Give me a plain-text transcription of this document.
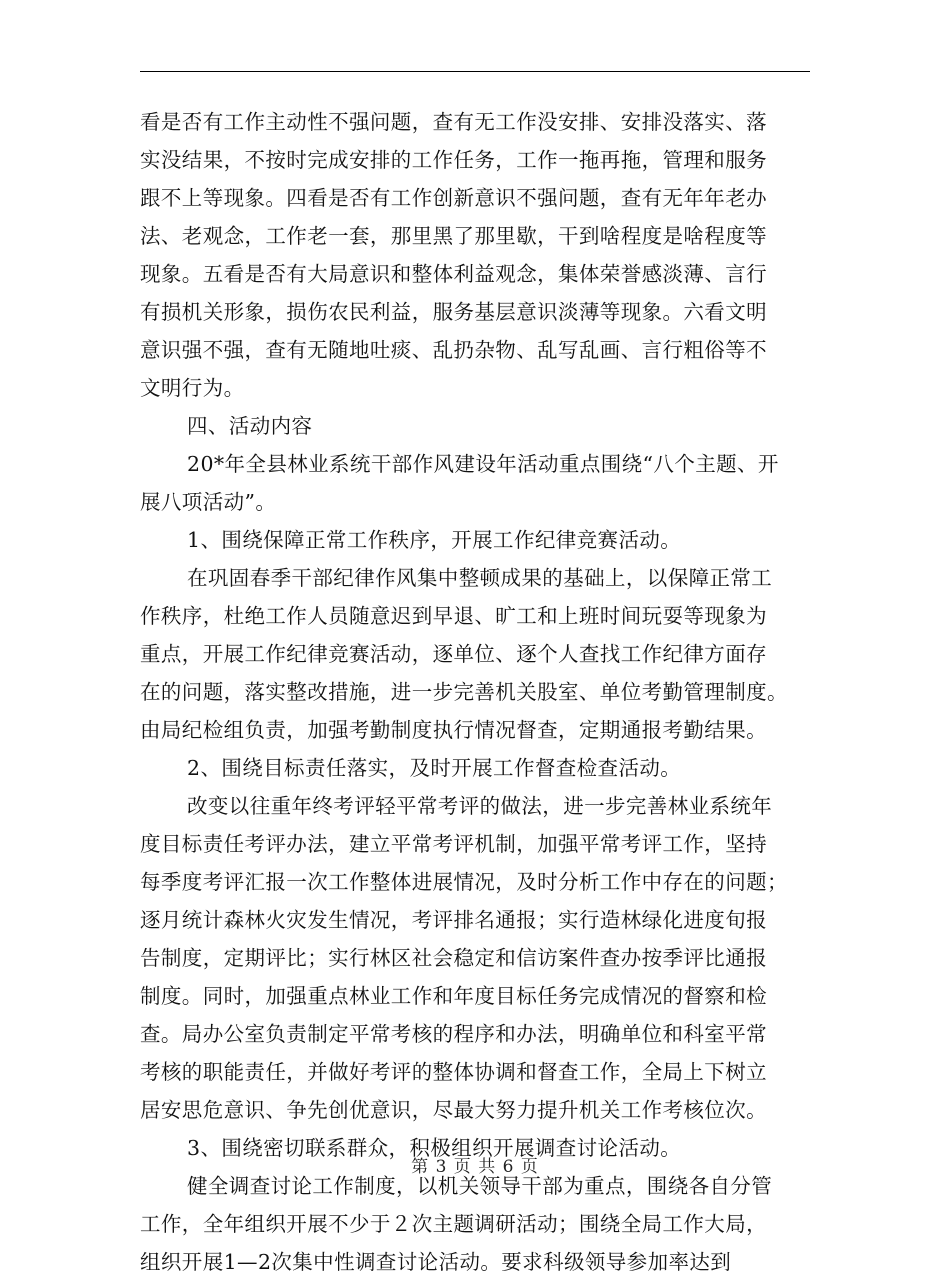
看是否有工作主动性不强问题，查有无工作没安排、安排没落实、落
实没结果，不按时完成安排的工作任务，工作一拖再拖，管理和服务
跟不上等现象。四看是否有工作创新意识不强问题，查有无年年老办
法、老观念，工作老一套，那里黑了那里歇，干到啥程度是啥程度等
现象。五看是否有大局意识和整体利益观念，集体荣誉感淡薄、言行
有损机关形象，损伤农民利益，服务基层意识淡薄等现象。六看文明
意识强不强，查有无随地吐痰、乱扔杂物、乱写乱画、言行粗俗等不
文明行为。
四、活动内容
20*年全县林业系统干部作风建设年活动重点围绕“八个主题、开
展八项活动”。
1、围绕保障正常工作秩序，开展工作纪律竞赛活动。
在巩固春季干部纪律作风集中整顿成果的基础上，以保障正常工
作秩序，杜绝工作人员随意迟到早退、旷工和上班时间玩耍等现象为
重点，开展工作纪律竞赛活动，逐单位、逐个人查找工作纪律方面存
在的问题，落实整改措施，进一步完善机关股室、单位考勤管理制度。
由局纪检组负责，加强考勤制度执行情况督查，定期通报考勤结果。
2、围绕目标责任落实，及时开展工作督查检查活动。
改变以往重年终考评轻平常考评的做法，进一步完善林业系统年
度目标责任考评办法，建立平常考评机制，加强平常考评工作，坚持
每季度考评汇报一次工作整体进展情况，及时分析工作中存在的问题；
逐月统计森林火灾发生情况，考评排名通报；实行造林绿化进度旬报
告制度，定期评比；实行林区社会稳定和信访案件查办按季评比通报
制度。同时，加强重点林业工作和年度目标任务完成情况的督察和检
查。局办公室负责制定平常考核的程序和办法，明确单位和科室平常
考核的职能责任，并做好考评的整体协调和督查工作，全局上下树立
居安思危意识、争先创优意识，尽最大努力提升机关工作考核位次。
3、围绕密切联系群众，积极组织开展调查讨论活动。
健全调查讨论工作制度，以机关领导干部为重点，围绕各自分管
工作，全年组织开展不少于２次主题调研活动；围绕全局工作大局，
组织开展1—2次集中性调查讨论活动。要求科级领导参加率达到
第 3 页 共 6 页
